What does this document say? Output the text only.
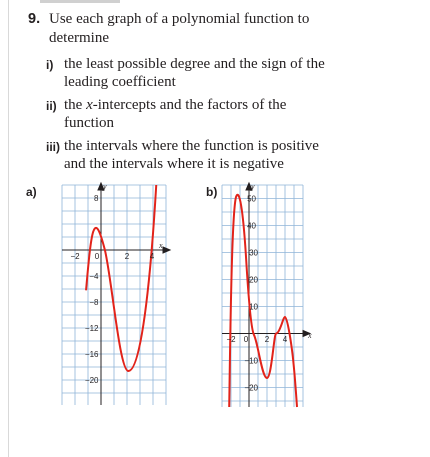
9. Use each graph of a polynomial function to determine
i) the least possible degree and the sign of the leading coefficient
ii) the x-intercepts and the factors of the function
iii) the intervals where the function is positive and the intervals where it is negative
a)	b)
y
x
8
−4
−8
−12
−16
−20
−2 0	2	4
y
x
50
40
30
20
10
−10
−20
−2 0 2 4
